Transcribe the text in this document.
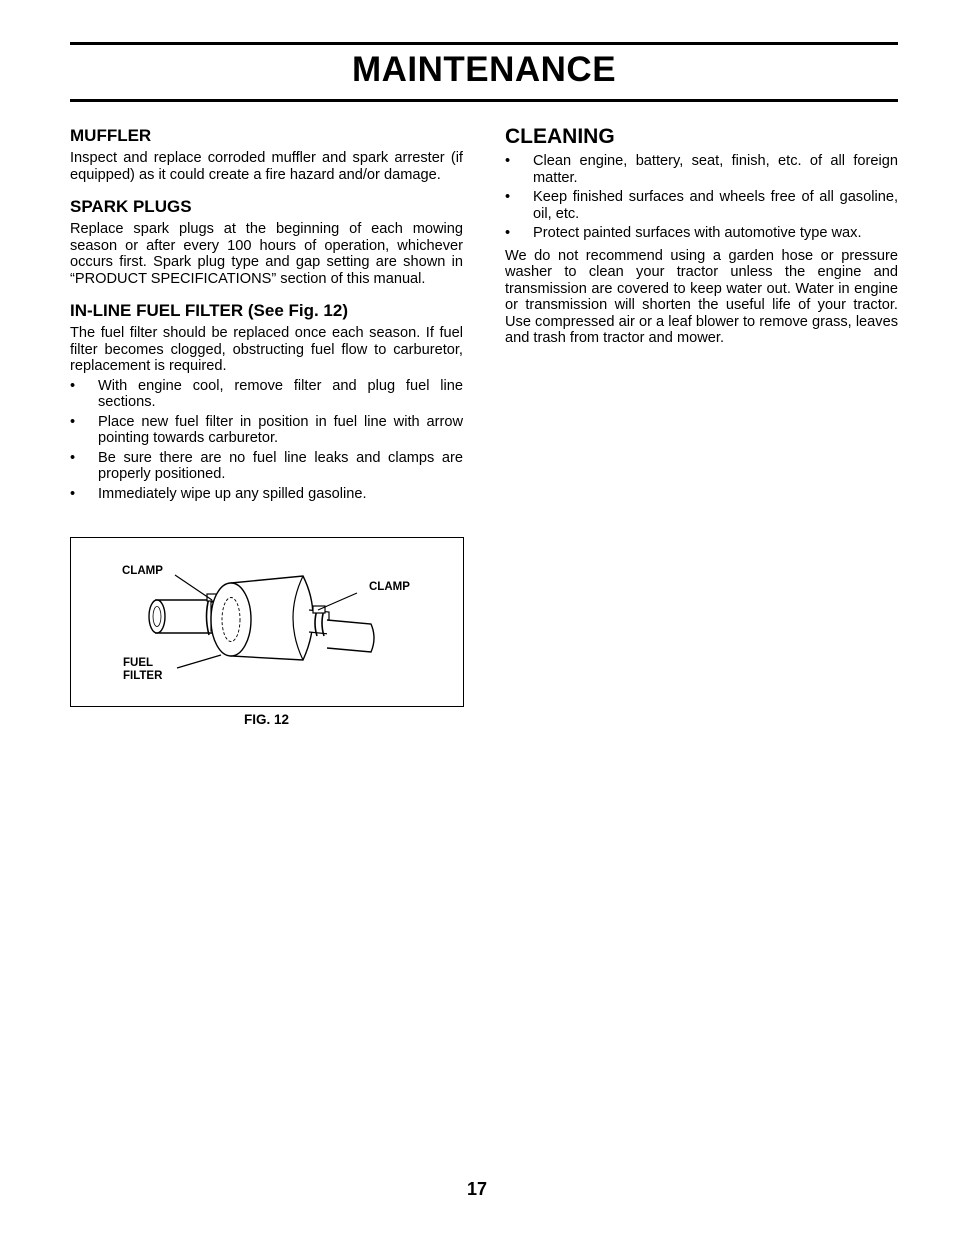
MAINTENANCE
MUFFLER

Inspect and replace corroded muffler and spark arrester (if equipped) as it could create a fire hazard and/or damage.

SPARK PLUGS

Replace spark plugs at the beginning of each mowing season or after every 100 hours of operation, whichever occurs first. Spark plug type and gap setting are shown in “PRODUCT SPECIFICATIONS” section of this manual.

IN-LINE FUEL FILTER (See Fig. 12)

The fuel filter should be replaced once each season. If fuel filter becomes clogged, obstructing fuel flow to carburetor, replacement is required.

• With engine cool, remove filter and plug fuel line sections.
• Place new fuel filter in position in fuel line with arrow pointing towards carburetor.
• Be sure there are no fuel line leaks and clamps are properly positioned.
• Immediately wipe up any spilled gasoline.
CLAMP
CLAMP
FUEL
FILTER
FIG. 12
CLEANING
• Clean engine, battery, seat, finish, etc. of all foreign matter.
• Keep finished surfaces and wheels free of all gasoline, oil, etc.
• Protect painted surfaces with automotive type wax.

We do not recommend using a garden hose or pressure washer to clean your tractor unless the engine and transmission are covered to keep water out. Water in engine or transmission will shorten the useful life of your tractor. Use compressed air or a leaf blower to remove grass, leaves and trash from tractor and mower.

17
